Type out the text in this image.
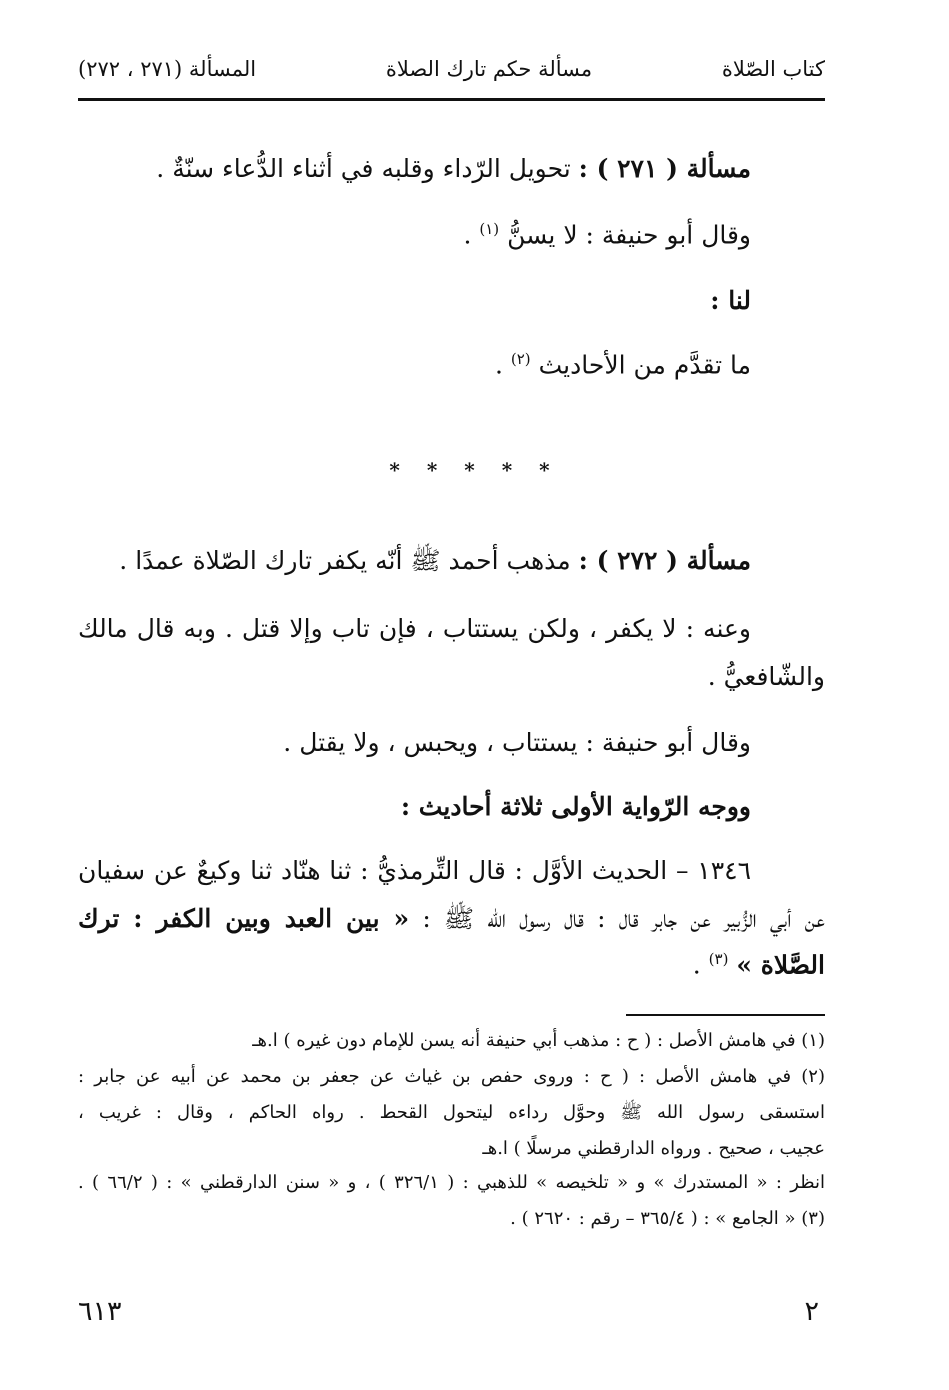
كتاب الصّلاة
مسألة حكم تارك الصلاة
المسألة (٢٧١ ، ٢٧٢)
مسألة ( ٢٧١ ) : تحويل الرّداء وقلبه في أثناء الدُّعاء سنّةٌ .
وقال أبو حنيفة : لا يسنُّ $^{(١)}$ .
لنا :
ما تقدَّم من الأحاديث $^{(٢)}$ .
* * * * *
مسألة ( ٢٧٢ ) : مذهب أحمد ﷺ أنّه يكفر تارك الصّلاة عمدًا .
وعنه : لا يكفر ، ولكن يستتاب ، فإن تاب وإلا قتل . وبه قال مالك
والشّافعيُّ .
وقال أبو حنيفة : يستتاب ، ويحبس ، ولا يقتل .
ووجه الرّواية الأولى ثلاثة أحاديث :
١٣٤٦ – الحديث الأوَّل : قال التِّرمذيُّ : ثنا هنّاد ثنا وكيعٌ عن سفيان
عن أبي الزُّبير عن جابر قال : قال رسول الله ﷺ : « بين العبد وبين الكفر : ترك
الصَّلاة » $^{(٣)}$ .
(١) في هامش الأصل : ( ح : مذهب أبي حنيفة أنه يسن للإمام دون غيره ) ا.هـ
(٢) في هامش الأصل : ( ح : وروى حفص بن غياث عن جعفر بن محمد عن أبيه عن جابر :
استسقى رسول الله ﷺ وحوَّل رداءه ليتحول القحط . رواه الحاكم ، وقال : غريب ،
عجيب ، صحيح . ورواه الدارقطني مرسلًا ) ا.هـ
انظر : « المستدرك » و « تلخيصه » للذهبي : ( ٣٢٦/١ ) ، و « سنن الدارقطني » : ( ٦٦/٢ ) .
(٣) « الجامع » : ( ٣٦٥/٤ – رقم : ٢٦٢٠ ) .
٦١٣	٢
